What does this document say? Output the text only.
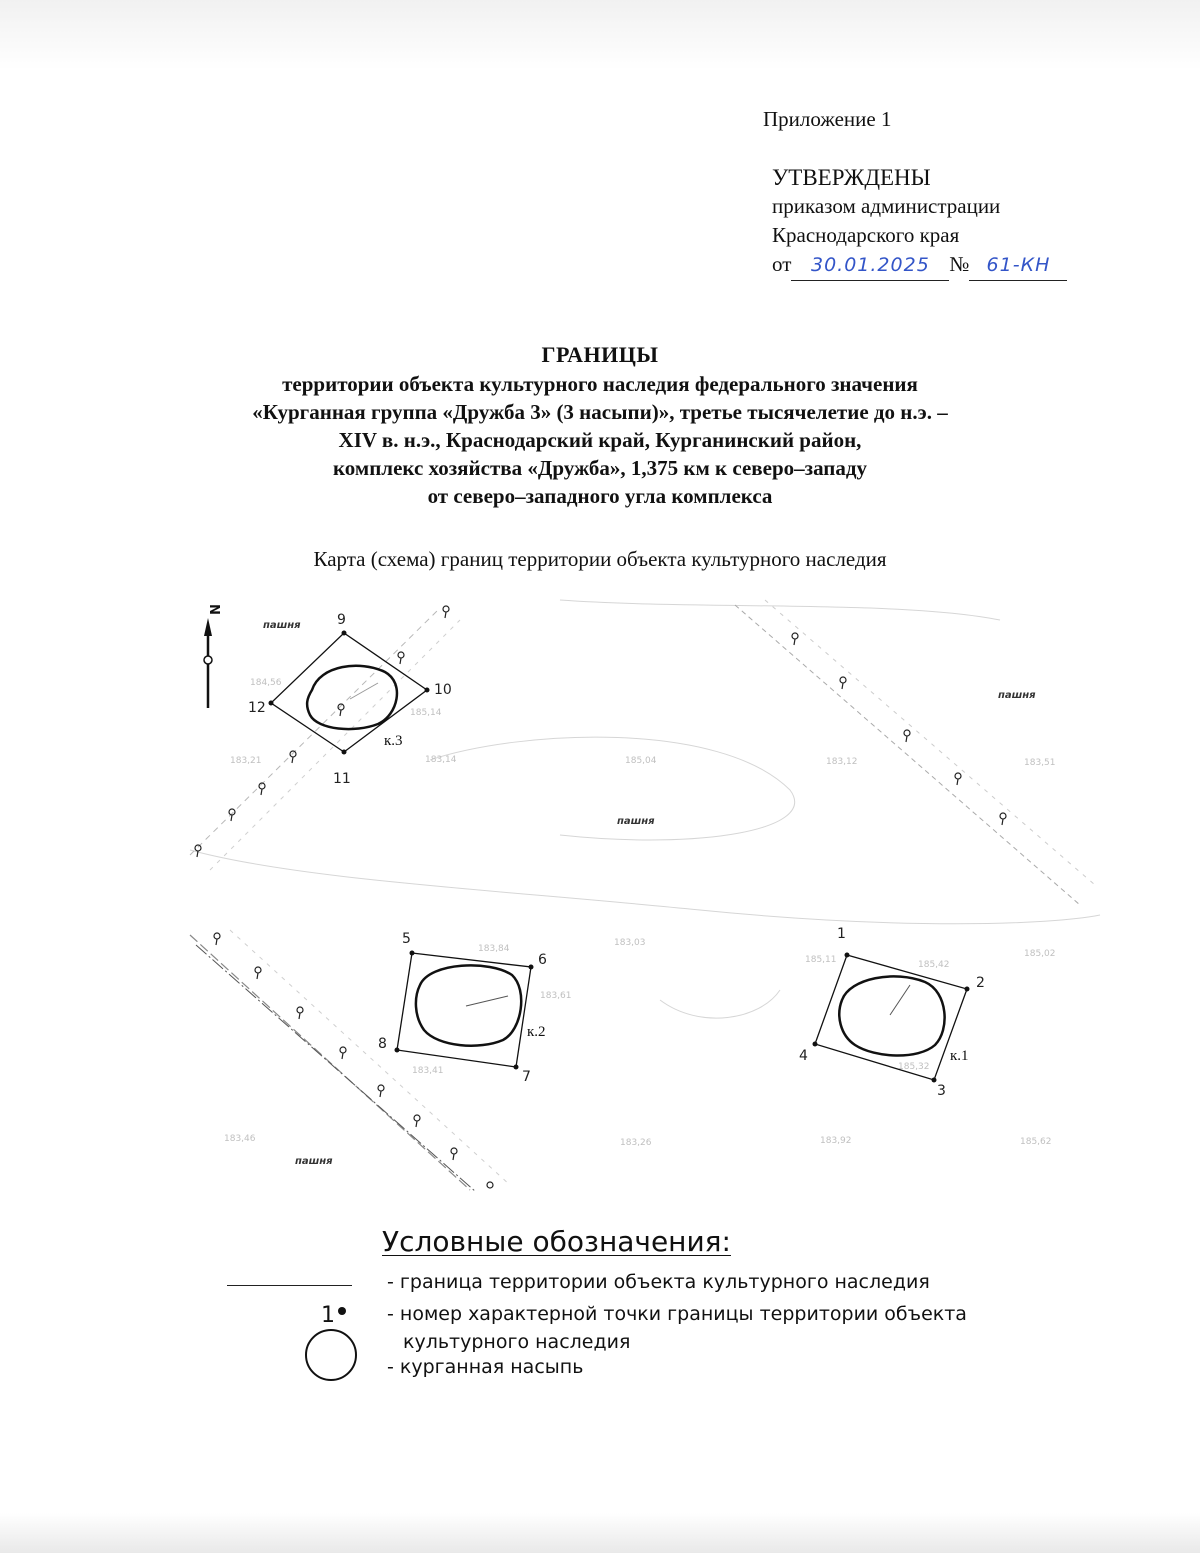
Приложение 1
УТВЕРЖДЕНЫ
приказом администрации
Краснодарского края
от 30.01.2025 № 61-КН
ГРАНИЦЫ
территории объекта культурного наследия федерального значения
«Курганная группа «Дружба 3» (3 насыпи)», третье тысячелетие до н.э. –
XIV в. н.э., Краснодарский край, Курганинский район,
комплекс хозяйства «Дружба», 1,375 км к северо–западу
от северо–западного угла комплекса
Карта (схема) границ территории объекта культурного наследия
N
пашня
пашня
пашня
пашня
185,11	185,42
185,32
183,51
183,84
183,61
183,41
184,56
185,14
183,14	185,04	183,12
183,03
185,02
183,21
183,46	183,26	183,92	185,62
1
2
3
4
5
6
7
8
9
10
11
12
к.1
к.2
к.3
Условные обозначения:
- граница территории объекта культурного наследия
1	- номер характерной точки границы территории объекта
культурного наследия
- курганная насыпь
